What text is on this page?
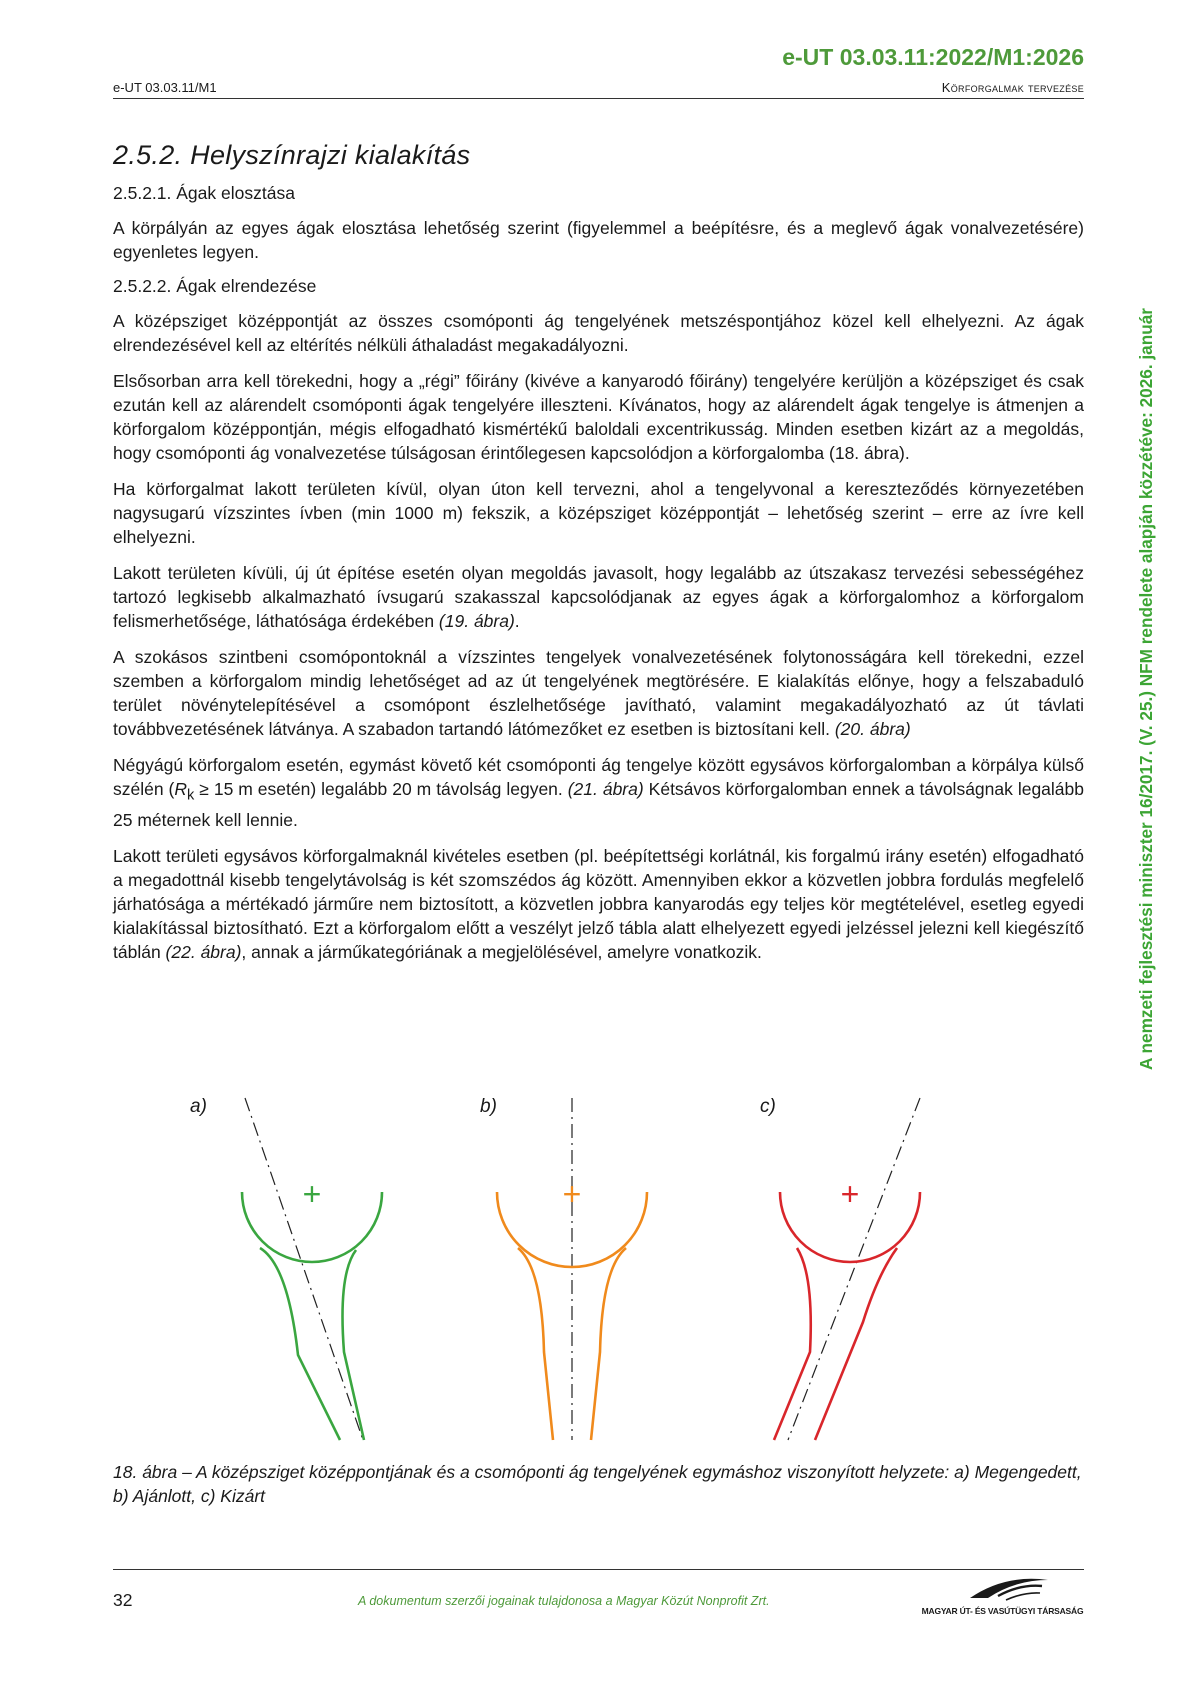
e-UT 03.03.11:2022/M1:2026
e-UT 03.03.11/M1	Körforgalmak tervezése
A nemzeti fejlesztési miniszter 16/2017. (V. 25.) NFM rendelete alapján közzétéve: 2026. január
2.5.2. Helyszínrajzi kialakítás
2.5.2.1. Ágak elosztása
A körpályán az egyes ágak elosztása lehetőség szerint (figyelemmel a beépítésre, és a meglevő ágak vonalvezetésére) egyenletes legyen.
2.5.2.2. Ágak elrendezése
A középsziget középpontját az összes csomóponti ág tengelyének metszéspontjához közel kell elhelyezni. Az ágak elrendezésével kell az eltérítés nélküli áthaladást megakadályozni.
Elsősorban arra kell törekedni, hogy a „régi” főirány (kivéve a kanyarodó főirány) tengelyére kerüljön a középsziget és csak ezután kell az alárendelt csomóponti ágak tengelyére illeszteni. Kívánatos, hogy az alárendelt ágak tengelye is átmenjen a körforgalom középpontján, mégis elfogadható kismértékű baloldali excentrikusság. Minden esetben kizárt az a megoldás, hogy csomóponti ág vonalvezetése túlságosan érintőlegesen kapcsolódjon a körforgalomba (18. ábra).
Ha körforgalmat lakott területen kívül, olyan úton kell tervezni, ahol a tengelyvonal a kereszteződés környezetében nagysugarú vízszintes ívben (min 1000 m) fekszik, a középsziget középpontját – lehetőség szerint – erre az ívre kell elhelyezni.
Lakott területen kívüli, új út építése esetén olyan megoldás javasolt, hogy legalább az útszakasz tervezési sebességéhez tartozó legkisebb alkalmazható ívsugarú szakasszal kapcsolódjanak az egyes ágak a körforgalomhoz a körforgalom felismerhetősége, láthatósága érdekében (19. ábra).
A szokásos szintbeni csomópontoknál a vízszintes tengelyek vonalvezetésének folytonosságára kell törekedni, ezzel szemben a körforgalom mindig lehetőséget ad az út tengelyének megtörésére. E kialakítás előnye, hogy a felszabaduló terület növénytelepítésével a csomópont észlelhetősége javítható, valamint megakadályozható az út távlati továbbvezetésének látványa. A szabadon tartandó látómezőket ez esetben is biztosítani kell. (20. ábra)
Négyágú körforgalom esetén, egymást követő két csomóponti ág tengelye között egysávos körforgalomban a körpálya külső szélén ($R_k \ge 15$ m esetén) legalább 20 m távolság legyen. (21. ábra) Kétsávos körforgalomban ennek a távolságnak legalább 25 méternek kell lennie.
Lakott területi egysávos körforgalmaknál kivételes esetben (pl. beépítettségi korlátnál, kis forgalmú irány esetén) elfogadható a megadottnál kisebb tengelytávolság is két szomszédos ág között. Amennyiben ekkor a közvetlen jobbra fordulás megfelelő járhatósága a mértékadó járműre nem biztosított, a közvetlen jobbra kanyarodás egy teljes kör megtételével, esetleg egyedi kialakítással biztosítható. Ezt a körforgalom előtt a veszélyt jelző tábla alatt elhelyezett egyedi jelzéssel jelezni kell kiegészítő táblán (22. ábra), annak a járműkategóriának a megjelölésével, amelyre vonatkozik.
a)
+
b)
+
c)
+
18. ábra – A középsziget középpontjának és a csomóponti ág tengelyének egymáshoz viszonyított helyzete: a) Megengedett, b) Ajánlott, c) Kizárt
32	A dokumentum szerzői jogainak tulajdonosa a Magyar Közút Nonprofit Zrt.
MAGYAR ÚT- ÉS VASÚTÜGYI TÁRSASÁG
